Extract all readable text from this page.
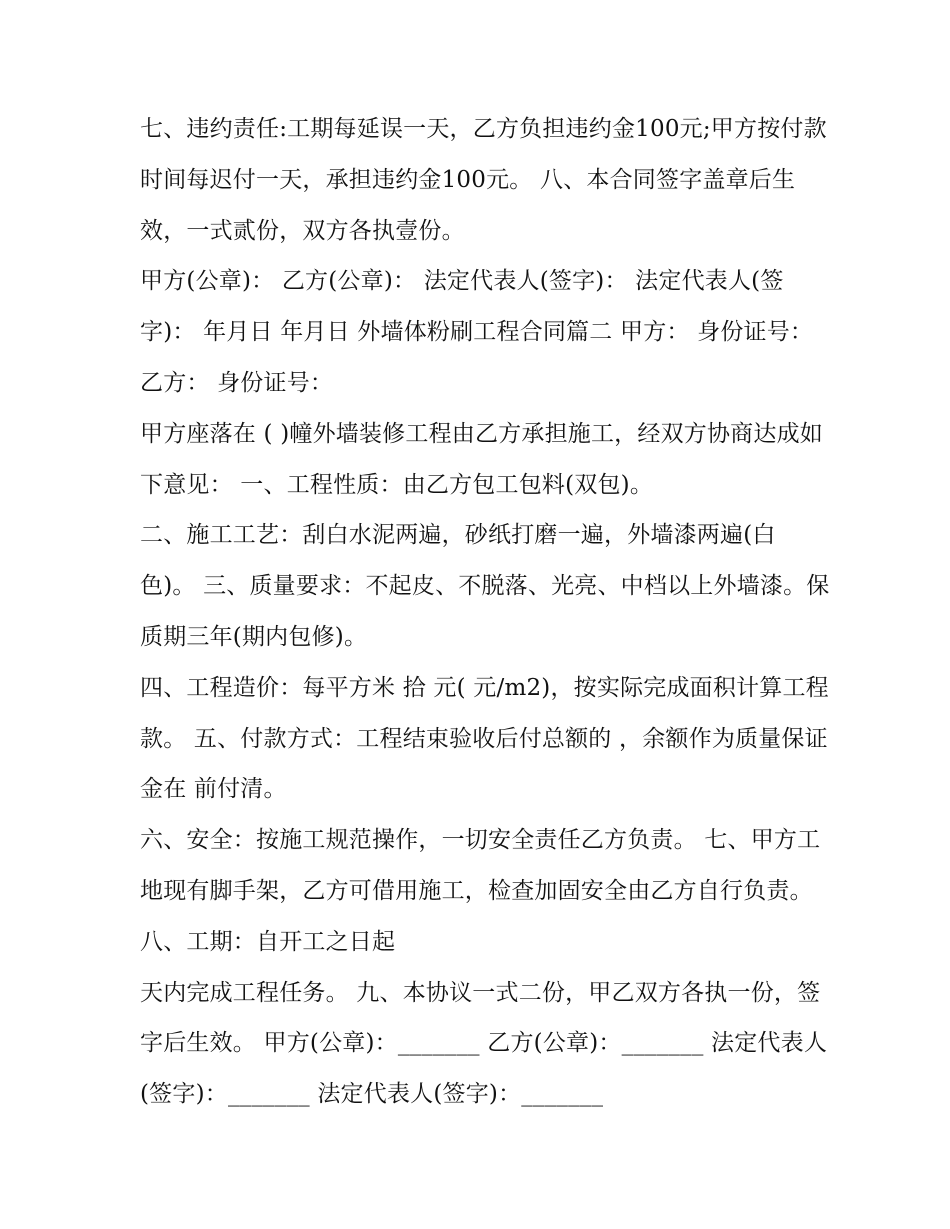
七、违约责任:工期每延误一天，乙方负担违约金100元;甲方按付款时间每迟付一天，承担违约金100元。 八、本合同签字盖章后生效，一式贰份，双方各执壹份。

甲方(公章)： 乙方(公章)： 法定代表人(签字)： 法定代表人(签字)： 年月日 年月日 外墙体粉刷工程合同篇二 甲方： 身份证号： 乙方： 身份证号：

甲方座落在 ( )幢外墙装修工程由乙方承担施工，经双方协商达成如下意见： 一、工程性质：由乙方包工包料(双包)。

二、施工工艺：刮白水泥两遍，砂纸打磨一遍，外墙漆两遍(白色)。 三、质量要求：不起皮、不脱落、光亮、中档以上外墙漆。保质期三年(期内包修)。

四、工程造价：每平方米 拾 元( 元/m2)，按实际完成面积计算工程款。 五、付款方式：工程结束验收后付总额的 ，余额作为质量保证金在 前付清。

六、安全：按施工规范操作，一切安全责任乙方负责。 七、甲方工地现有脚手架，乙方可借用施工，检查加固安全由乙方自行负责。 八、工期：自开工之日起

天内完成工程任务。 九、本协议一式二份，甲乙双方各执一份，签字后生效。 甲方(公章)：_______ 乙方(公章)：_______ 法定代表人(签字)：_______ 法定代表人(签字)：_______
